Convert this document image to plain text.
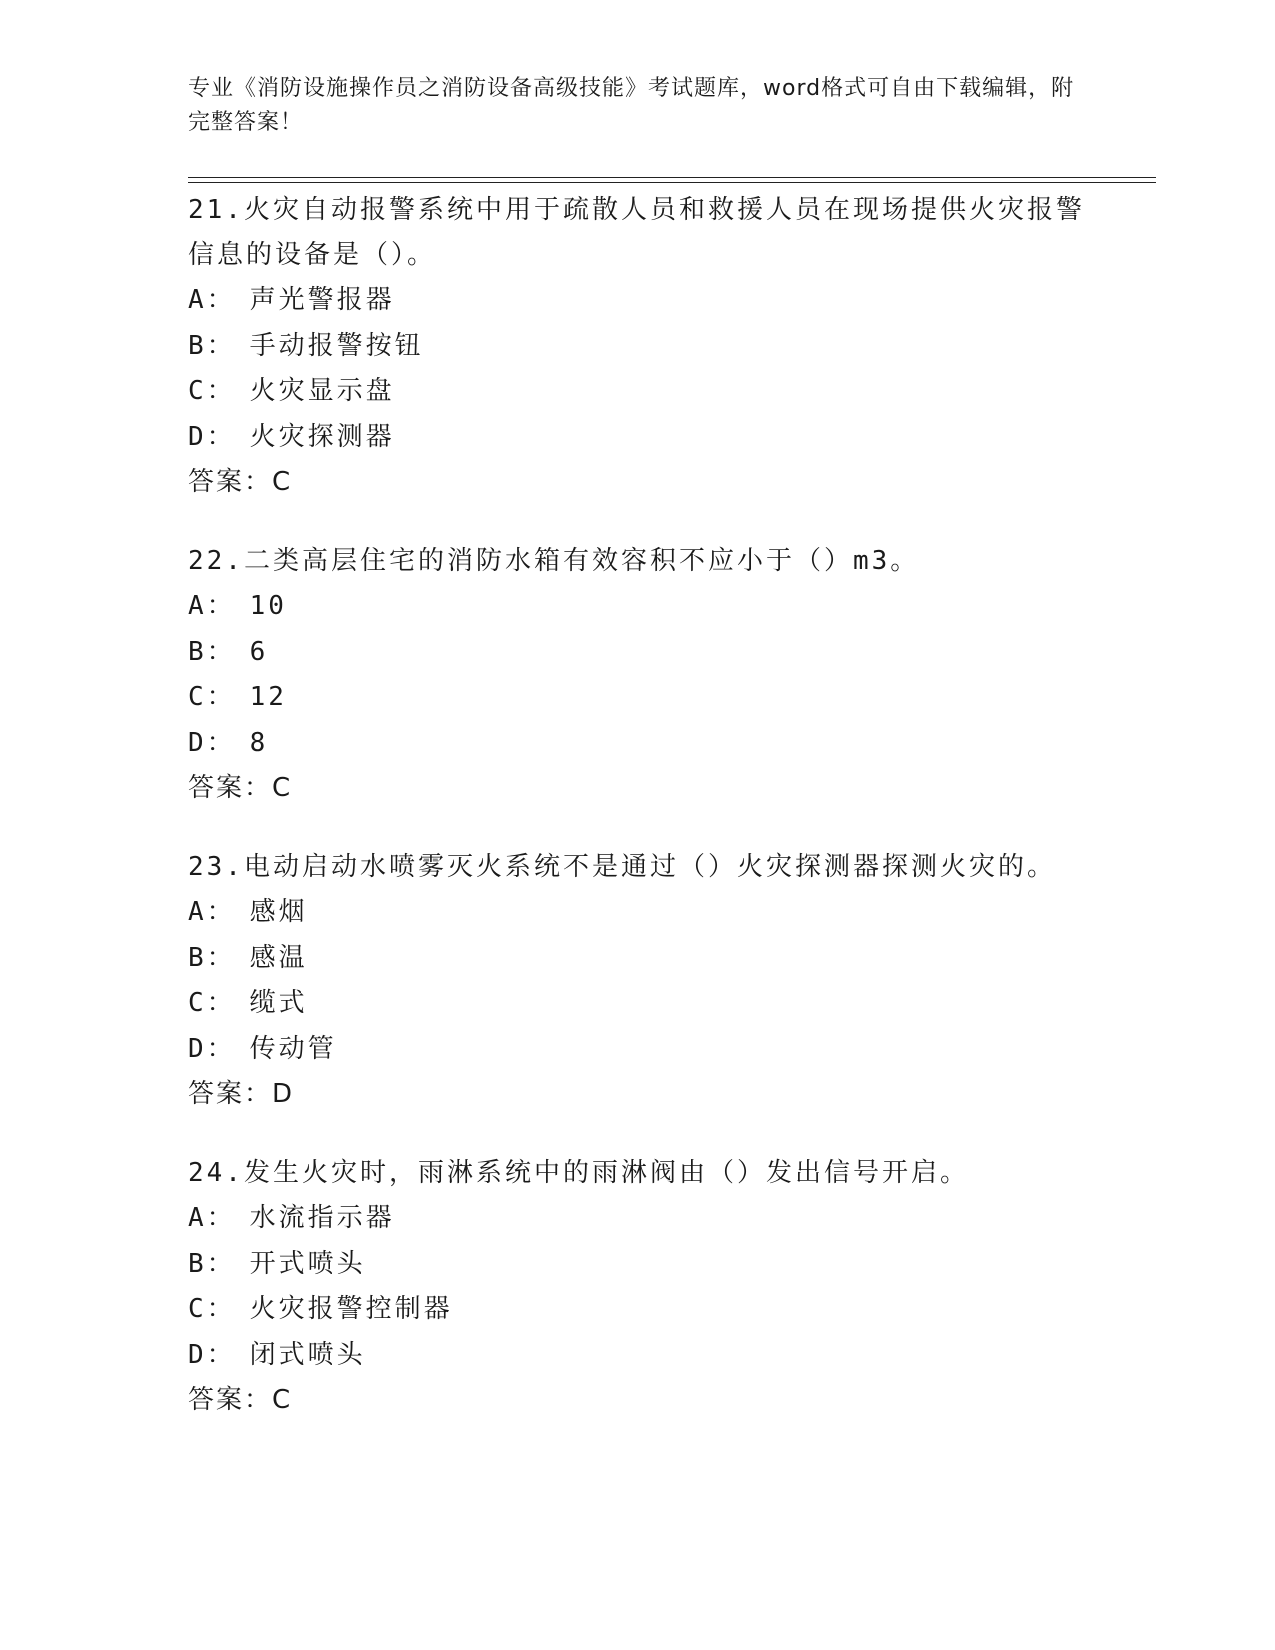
专业《消防设施操作员之消防设备高级技能》考试题库，word格式可自由下载编辑，附完整答案！

21.火灾自动报警系统中用于疏散人员和救援人员在现场提供火灾报警信息的设备是（）。

A： 声光警报器
B： 手动报警按钮
C： 火灾显示盘
D： 火灾探测器
答案：C

22.二类高层住宅的消防水箱有效容积不应小于（）m3。

A： 10
B： 6
C： 12
D： 8
答案：C

23.电动启动水喷雾灭火系统不是通过（）火灾探测器探测火灾的。

A： 感烟
B： 感温
C： 缆式
D： 传动管
答案：D

24.发生火灾时，雨淋系统中的雨淋阀由（）发出信号开启。

A： 水流指示器
B： 开式喷头
C： 火灾报警控制器
D： 闭式喷头
答案：C
